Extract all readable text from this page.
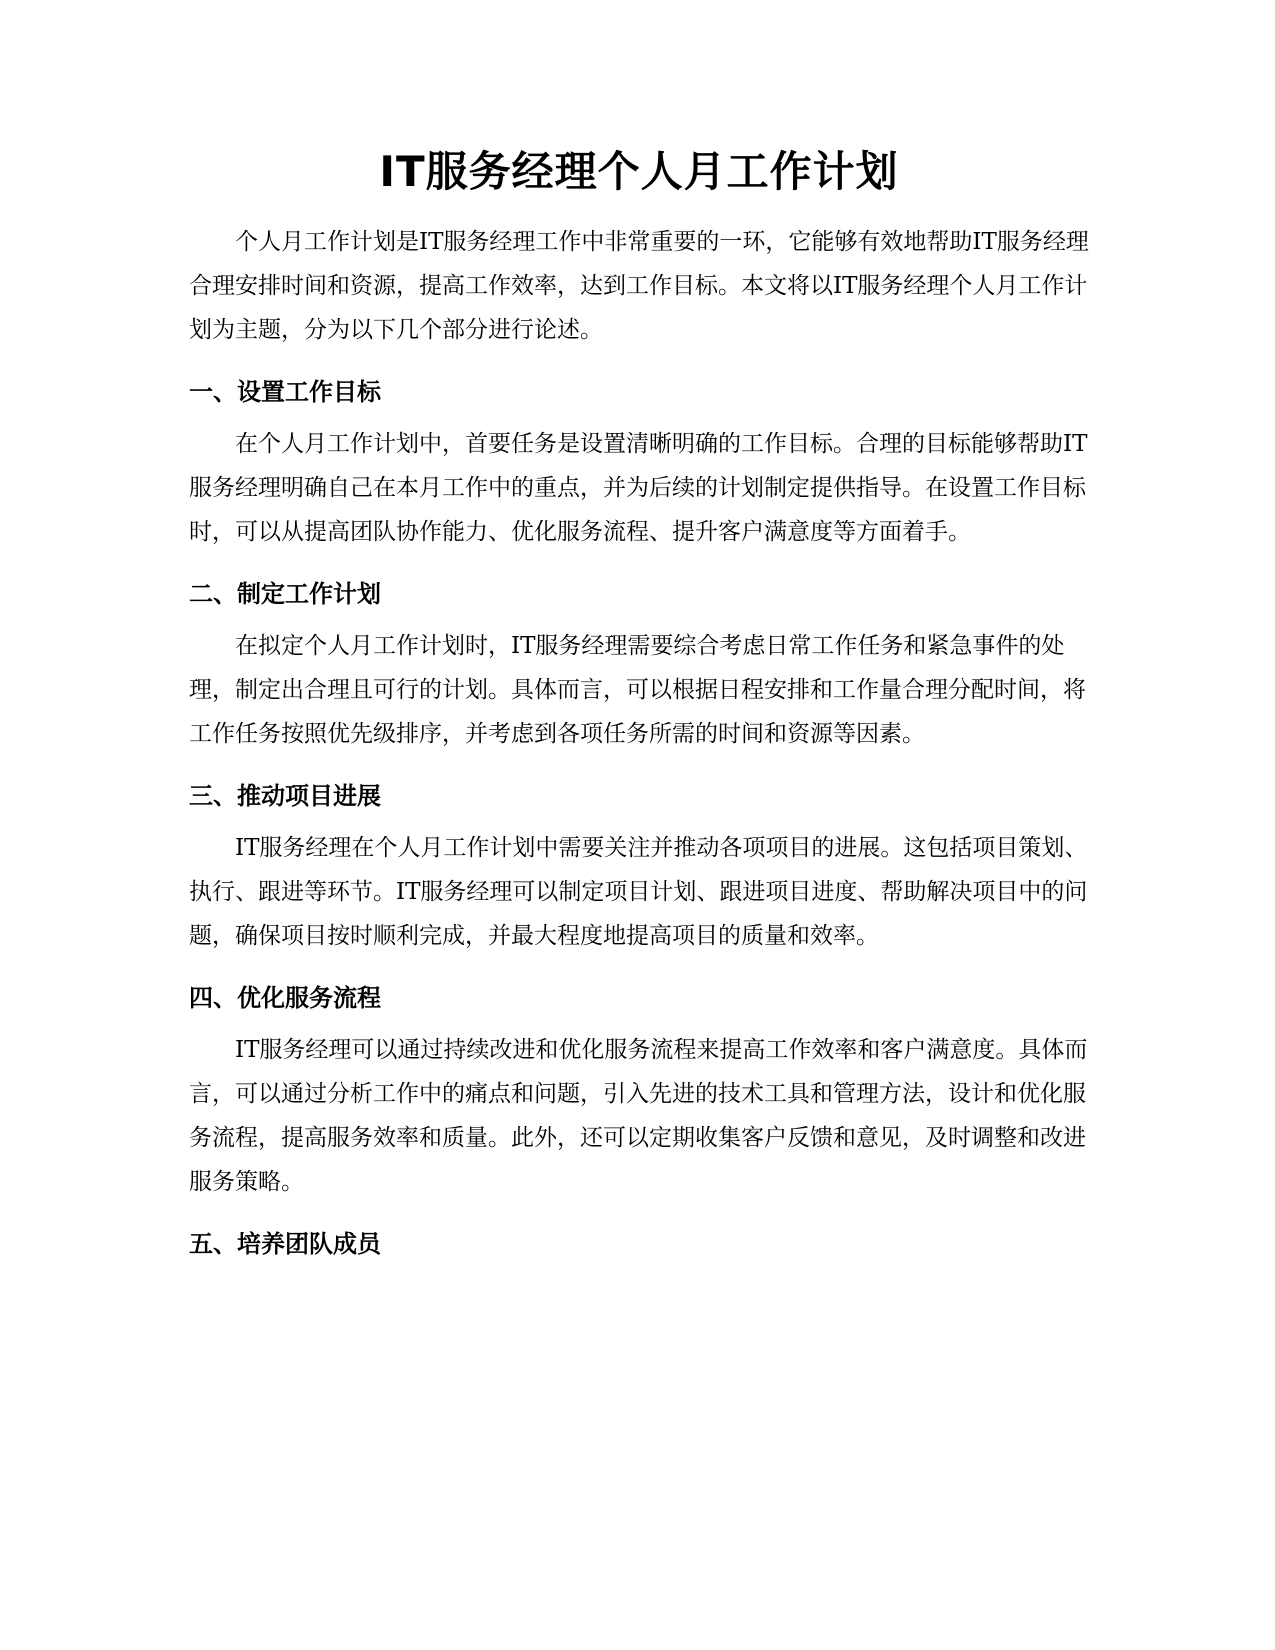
IT服务经理个人月工作计划

个人月工作计划是IT服务经理工作中非常重要的一环，它能够有效地帮助IT服务经理合理安排时间和资源，提高工作效率，达到工作目标。本文将以IT服务经理个人月工作计划为主题，分为以下几个部分进行论述。

一、设置工作目标

在个人月工作计划中，首要任务是设置清晰明确的工作目标。合理的目标能够帮助IT服务经理明确自己在本月工作中的重点，并为后续的计划制定提供指导。在设置工作目标时，可以从提高团队协作能力、优化服务流程、提升客户满意度等方面着手。

二、制定工作计划

在拟定个人月工作计划时，IT服务经理需要综合考虑日常工作任务和紧急事件的处理，制定出合理且可行的计划。具体而言，可以根据日程安排和工作量合理分配时间，将工作任务按照优先级排序，并考虑到各项任务所需的时间和资源等因素。

三、推动项目进展

IT服务经理在个人月工作计划中需要关注并推动各项项目的进展。这包括项目策划、执行、跟进等环节。IT服务经理可以制定项目计划、跟进项目进度、帮助解决项目中的问题，确保项目按时顺利完成，并最大程度地提高项目的质量和效率。

四、优化服务流程

IT服务经理可以通过持续改进和优化服务流程来提高工作效率和客户满意度。具体而言，可以通过分析工作中的痛点和问题，引入先进的技术工具和管理方法，设计和优化服务流程，提高服务效率和质量。此外，还可以定期收集客户反馈和意见，及时调整和改进服务策略。

五、培养团队成员
